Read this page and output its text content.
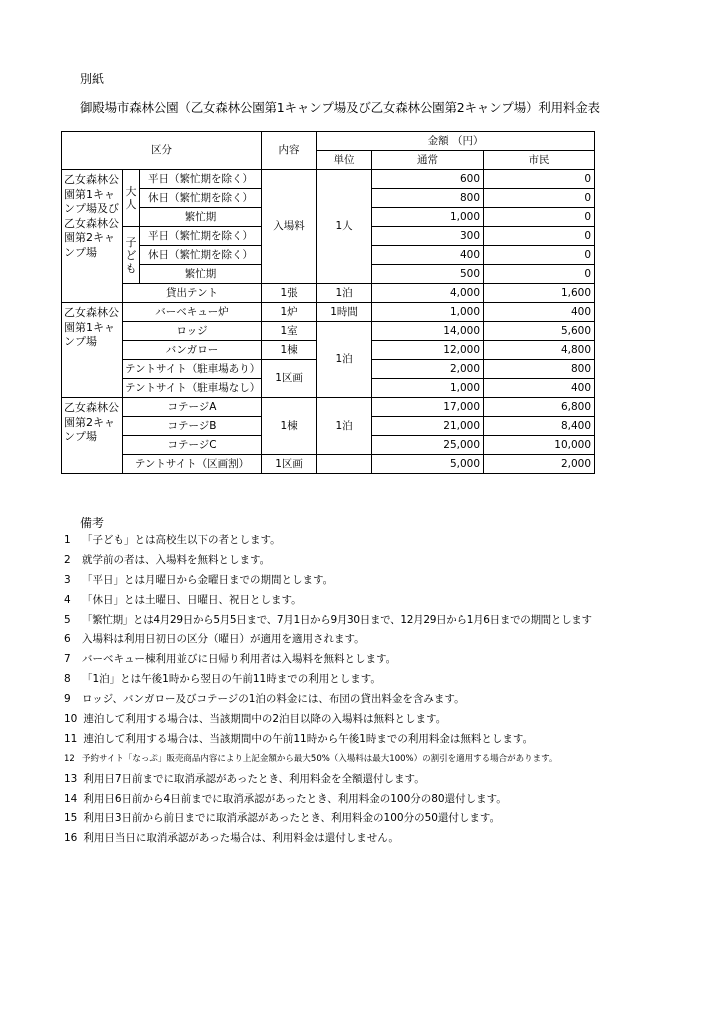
別紙
御殿場市森林公園（乙女森林公園第1キャンプ場及び乙女森林公園第2キャンプ場）利用料金表
区分			内容	金額 （円）		
				単位	通常	市民
乙女森林公園第1キャンプ場及び乙女森林公園第2キャンプ場	大人	平日（繁忙期を除く）	入場料	1人	600	0
		休日（繁忙期を除く）			800	0
		繁忙期			1,000	0
	子ども	平日（繁忙期を除く）			300	0
		休日（繁忙期を除く）			400	0
		繁忙期			500	0
	貸出テント		1張	1泊	4,000	1,600
乙女森林公園第1キャンプ場	バーベキュー炉		1炉	1時間	1,000	400
	ロッジ		1室	1泊	14,000	5,600
	バンガロー		1棟		12,000	4,800
	テントサイト（駐車場あり）		1区画		2,000	800
	テントサイト（駐車場なし）				1,000	400
乙女森林公園第2キャンプ場	コテージA		1棟	1泊	17,000	6,800
	コテージB				21,000	8,400
	コテージC				25,000	10,000
	テントサイト（区画割）		1区画		5,000	2,000
備考
1 「子ども」とは高校生以下の者とします。
2 就学前の者は、入場料を無料とします。
3 「平日」とは月曜日から金曜日までの期間とします。
4 「休日」とは土曜日、日曜日、祝日とします。
5 「繁忙期」とは4月29日から5月5日まで、7月1日から9月30日まで、12月29日から1月6日までの期間とします
6 入場料は利用日初日の区分（曜日）が適用を適用されます。
7 バーベキュー棟利用並びに日帰り利用者は入場料を無料とします。
8 「1泊」とは午後1時から翌日の午前11時までの利用とします。
9 ロッジ、バンガロー及びコテージの1泊の料金には、布団の貸出料金を含みます。
10 連泊して利用する場合は、当該期間中の2泊目以降の入場料は無料とします。
11 連泊して利用する場合は、当該期間中の午前11時から午後1時までの利用料金は無料とします。
12 予約サイト「なっぷ」販売商品内容により上記金額から最大50%（入場料は最大100%）の割引を適用する場合があります。
13 利用日7日前までに取消承認があったとき、利用料金を全額還付します。
14 利用日6日前から4日前までに取消承認があったとき、利用料金の100分の80還付します。
15 利用日3日前から前日までに取消承認があったとき、利用料金の100分の50還付します。
16 利用日当日に取消承認があった場合は、利用料金は還付しません。
